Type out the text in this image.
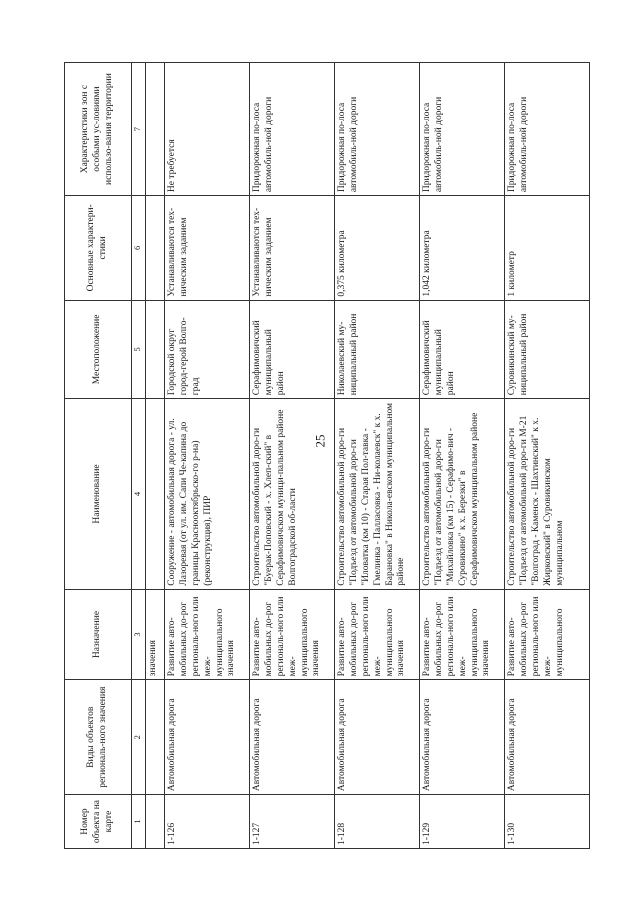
25
Номер объекта на карте	Виды объектов региональ-ного значения	Назначение	Наименование	Местоположение	Основные характери-стики	Характеристики зон с особыми ус-ловиями использо-вания территории
1	2	3	4	5	6	7
		значения				
1-126	Автомобильная дорога	Развитие авто-мобильных до-рог региональ-ного или меж-муниципального значения	Сооружение - автомобильная дорога - ул. Лазоревая (от ул. им. Сапи Че-капина до границы Краснооктябрьско-го р-на) (реконструкция), ПИР	Городской округ город-герой Волго-град	Устанавливаются тех-ническим заданием	Не требуется
1-127	Автомобильная дорога	Развитие авто-мобильных до-рог региональ-ного или меж-муниципального значения	Строительство автомобильной доро-ги "Буерак-Поповский - х. Хлеп-ский" в Серафимовичском муници-пальном районе Волгоградской об-ласти	Серафимовичский муниципальный район	Устанавливаются тех-ническим заданием	Придорожная по-лоса автомобиль-ной дороги
1-128	Автомобильная дорога	Развитие авто-мобильных до-рог региональ-ного или меж-муниципального значения	Строительство автомобильной доро-ги "Подъезд от автомобильной доро-ги "Иловатка (км 10) - Старая Пол-тавка - Гмелинка - Палласовка - Ни-колаевск" к х. Барановка" в Никола-евском муниципальном районе	Николаевский му-ниципальный район	0,375 километра	Придорожная по-лоса автомобиль-ной дороги
1-129	Автомобильная дорога	Развитие авто-мобильных до-рог региональ-ного или меж-муниципального значения	Строительство автомобильной доро-ги "Подъезд от автомобильной доро-ги "Михайловка (км 15) - Серафимо-вич - Суровикино" к х. Березки" в Серафимовичском муниципальном районе	Серафимовичский муниципальный район	1,042 километра	Придорожная по-лоса автомобиль-ной дороги
1-130	Автомобильная дорога	Развитие авто-мобильных до-рог региональ-ного или меж-муниципального	Строительство автомобильной доро-ги "Подъезд от автомобильной доро-ги М-21 "Волгоград - Каменск - Шахтинский" к х. Жирковский" в Суровикинском муниципальном	Суровикинский му-ниципальный район	1 километр	Придорожная по-лоса автомобиль-ной дороги
